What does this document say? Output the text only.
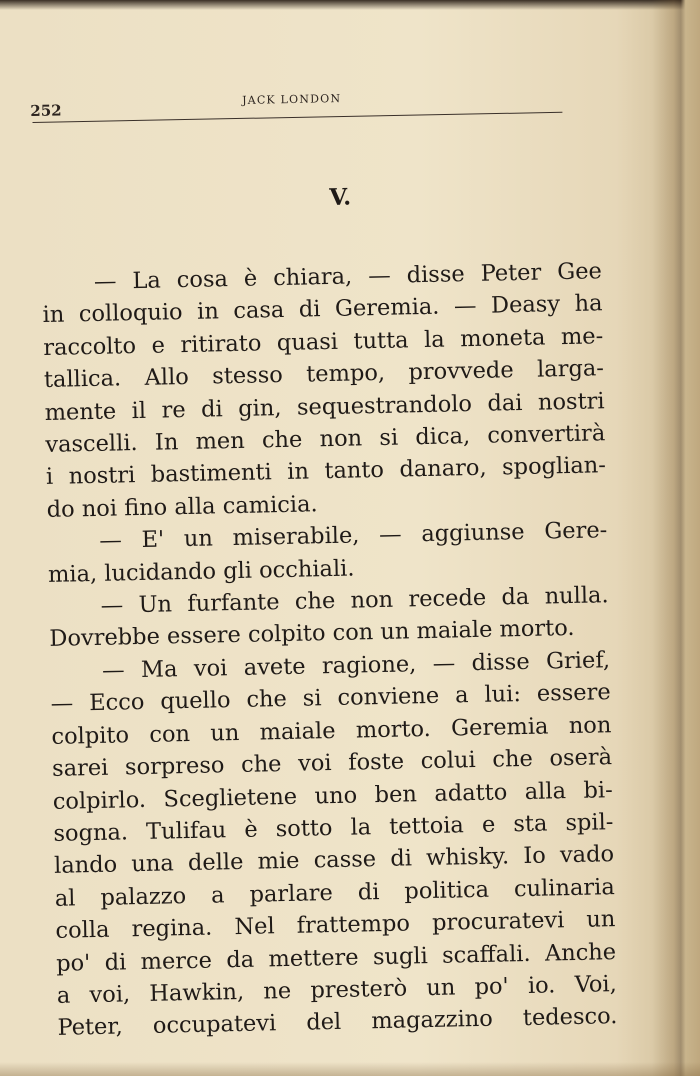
252
JACK LONDON
V.
— La cosa è chiara, — disse Peter Gee
in colloquio in casa di Geremia. — Deasy ha
raccolto e ritirato quasi tutta la moneta me-
tallica. Allo stesso tempo, provvede larga-
mente il re di gin, sequestrandolo dai nostri
vascelli. In men che non si dica, convertirà
i nostri bastimenti in tanto danaro, spoglian-
do noi fino alla camicia.
— E' un miserabile, — aggiunse Gere-
mia, lucidando gli occhiali.
— Un furfante che non recede da nulla.
Dovrebbe essere colpito con un maiale morto.
— Ma voi avete ragione, — disse Grief,
— Ecco quello che si conviene a lui: essere
colpito con un maiale morto. Geremia non
sarei sorpreso che voi foste colui che oserà
colpirlo. Sceglietene uno ben adatto alla bi-
sogna. Tulifau è sotto la tettoia e sta spil-
lando una delle mie casse di whisky. Io vado
al palazzo a parlare di politica culinaria
colla regina. Nel frattempo procuratevi un
po' di merce da mettere sugli scaffali. Anche
a voi, Hawkin, ne presterò un po' io. Voi,
Peter, occupatevi del magazzino tedesco.
